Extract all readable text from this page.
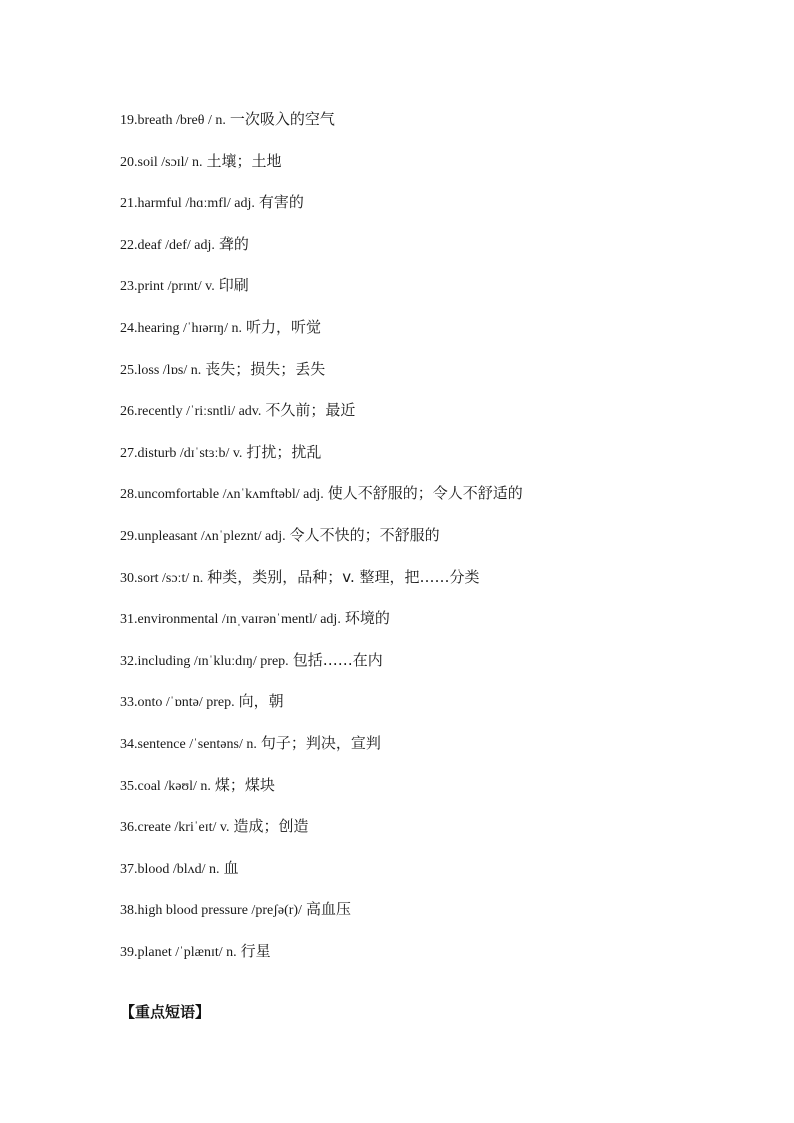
19.breath /breθ / n. 一次吸入的空气
20.soil /sɔɪl/ n. 土壤；土地
21.harmful /hɑːmfl/ adj. 有害的
22.deaf /def/ adj. 聋的
23.print /prɪnt/ v. 印刷
24.hearing /ˈhɪərɪŋ/ n. 听力，听觉
25.loss /lɒs/ n. 丧失；损失；丢失
26.recently /ˈriːsntli/ adv. 不久前；最近
27.disturb /dɪˈstɜːb/ v. 打扰；扰乱
28.uncomfortable /ʌnˈkʌmftəbl/ adj. 使人不舒服的；令人不舒适的
29.unpleasant /ʌnˈpleznt/ adj. 令人不快的；不舒服的
30.sort /sɔːt/ n. 种类，类别，品种；v. 整理，把……分类
31.environmental /ɪnˌvaɪrənˈmentl/ adj. 环境的
32.including /ɪnˈkluːdɪŋ/ prep. 包括……在内
33.onto /ˈɒntə/ prep. 向，朝
34.sentence /ˈsentəns/ n. 句子；判决，宣判
35.coal /kəʊl/ n. 煤；煤块
36.create /kriˈeɪt/ v. 造成；创造
37.blood /blʌd/ n. 血
38.high blood pressure /preʃə(r)/ 高血压
39.planet /ˈplænɪt/ n. 行星
【重点短语】
